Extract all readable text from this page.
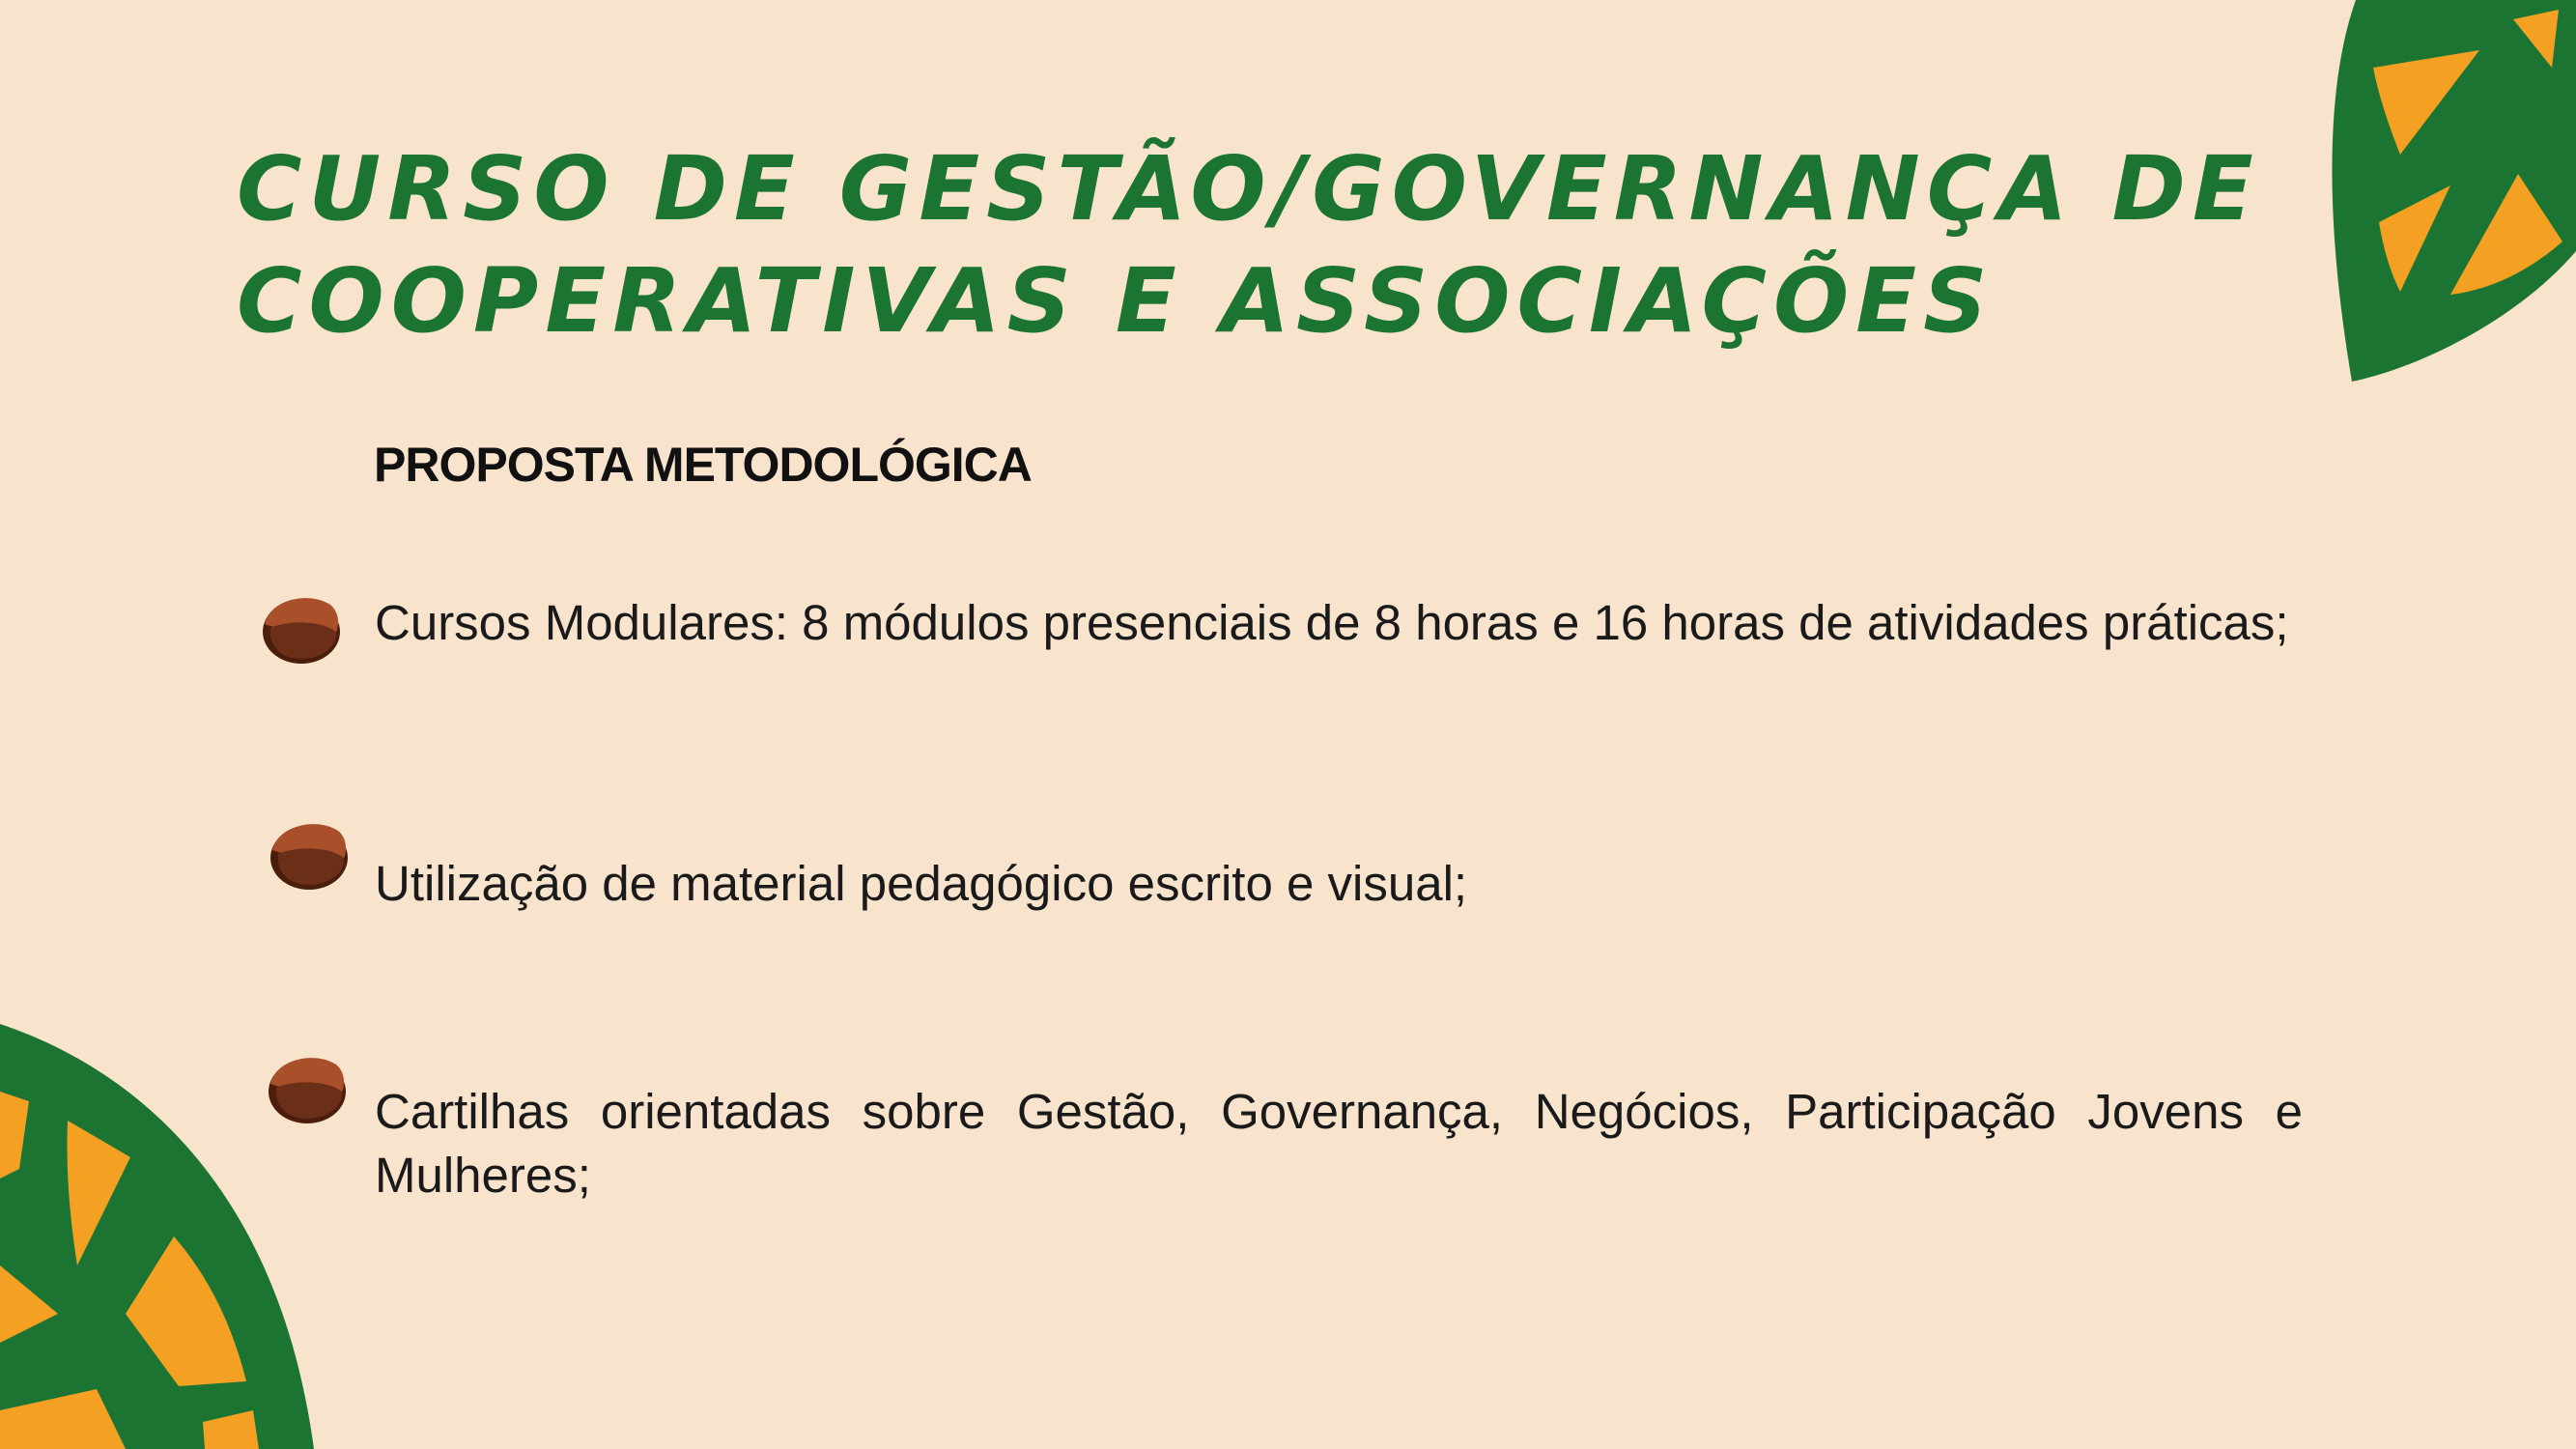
CURSO DE GESTÃO/GOVERNANÇA DE
COOPERATIVAS E ASSOCIAÇÕES
PROPOSTA METODOLÓGICA

Cursos Modulares: 8 módulos presenciais de 8 horas e 16 horas de atividades práticas;

Utilização de material pedagógico escrito e visual;

Cartilhas orientadas sobre Gestão, Governança, Negócios, Participação Jovens e Mulheres;
